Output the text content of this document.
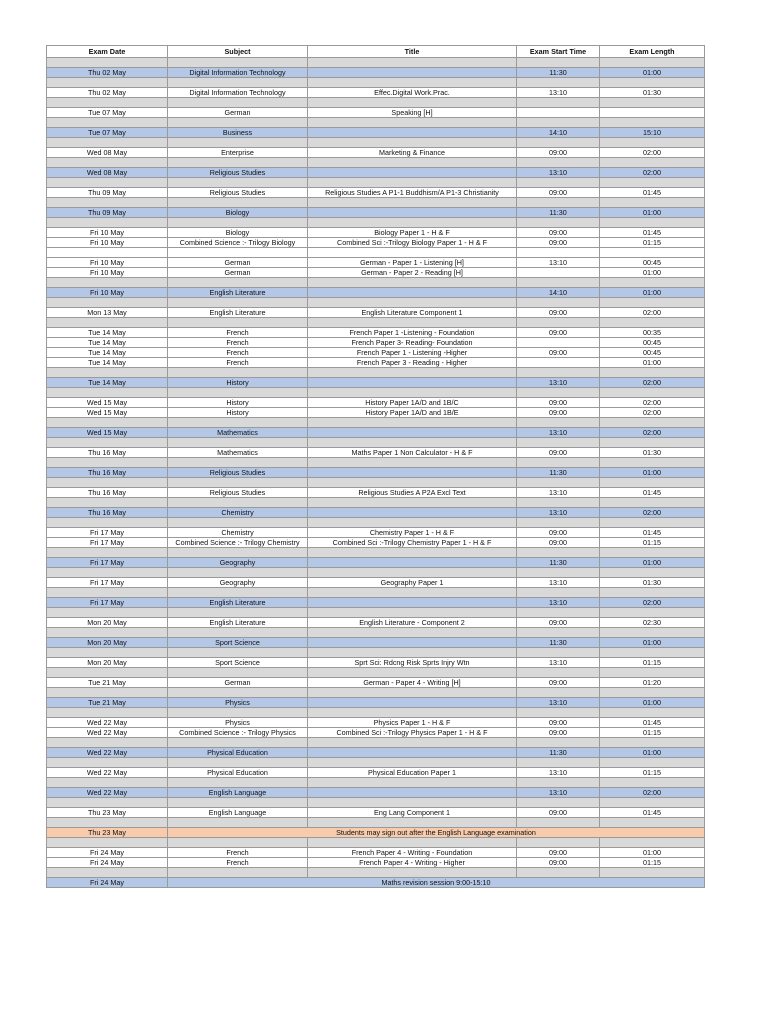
Exam Date	Subject	Title	Exam Start Time	Exam Length

Thu 02 May	Digital Information Technology		11:30	01:00

Thu 02 May	Digital Information Technology	Effec.Digital Work.Prac.	13:10	01:30

Tue 07 May	German	Speaking [H]		

Tue 07 May	Business		14:10	15:10

Wed 08 May	Enterprise	Marketing & Finance	09:00	02:00

Wed 08 May	Religious Studies		13:10	02:00

Thu 09 May	Religious Studies	Religious Studies A P1-1 Buddhism/A P1-3 Christianity	09:00	01:45

Thu 09 May	Biology		11:30	01:00

Fri 10 May	Biology	Biology Paper 1 - H & F	09:00	01:45
Fri 10 May	Combined Science :- Trilogy Biology	Combined Sci :-Trilogy Biology Paper 1 - H & F	09:00	01:15

Fri 10 May	German	German - Paper 1 - Listening [H]	13:10	00:45
Fri 10 May	German	German - Paper 2 - Reading [H]		01:00

Fri 10 May	English Literature		14:10	01:00

Mon 13 May	English Literature	English Literature Component 1	09:00	02:00

Tue 14 May	French	French Paper 1 -Listening - Foundation	09:00	00:35
Tue 14 May	French	French Paper 3- Reading- Foundation		00:45
Tue 14 May	French	French Paper 1 - Listening -Higher	09:00	00:45
Tue 14 May	French	French Paper 3 - Reading - Higher		01:00

Tue 14 May	History		13:10	02:00

Wed 15 May	History	History Paper 1A/D and 1B/C	09:00	02:00
Wed 15 May	History	History Paper 1A/D and 1B/E	09:00	02:00

Wed 15 May	Mathematics		13:10	02:00

Thu 16 May	Mathematics	Maths Paper 1 Non Calculator - H & F	09:00	01:30

Thu 16 May	Religious Studies		11:30	01:00

Thu 16 May	Religious Studies	Religious Studies A P2A Excl Text	13:10	01:45

Thu 16 May	Chemistry		13:10	02:00

Fri 17 May	Chemistry	Chemistry Paper 1 - H & F	09:00	01:45
Fri 17 May	Combined Science :- Trilogy Chemistry	Combined Sci :-Trilogy Chemistry Paper 1 - H & F	09:00	01:15

Fri 17 May	Geography		11:30	01:00

Fri 17 May	Geography	Geography Paper 1	13:10	01:30

Fri 17 May	English Literature		13:10	02:00

Mon 20 May	English Literature	English Literature - Component 2	09:00	02:30

Mon 20 May	Sport Science		11:30	01:00

Mon 20 May	Sport Science	Sprt Sci: Rdcng Risk Sprts Injry Wtn	13:10	01:15

Tue 21 May	German	German - Paper 4 - Writing [H]	09:00	01:20

Tue 21 May	Physics		13:10	01:00

Wed 22 May	Physics	Physics Paper 1 - H & F	09:00	01:45
Wed 22 May	Combined Science :- Trilogy Physics	Combined Sci :-Trilogy Physics Paper 1 - H & F	09:00	01:15

Wed 22 May	Physical Education		11:30	01:00

Wed 22 May	Physical Education	Physical Education Paper 1	13:10	01:15

Wed 22 May	English Language		13:10	02:00

Thu 23 May	English Language	Eng Lang Component 1	09:00	01:45

Thu 23 May	Students may sign out after the English Language examination			

Fri 24 May	French	French Paper 4 - Writing - Foundation	09:00	01:00
Fri 24 May	French	French Paper 4 - Writing - Higher	09:00	01:15

Fri 24 May	Maths revision session 9:00-15:10			
